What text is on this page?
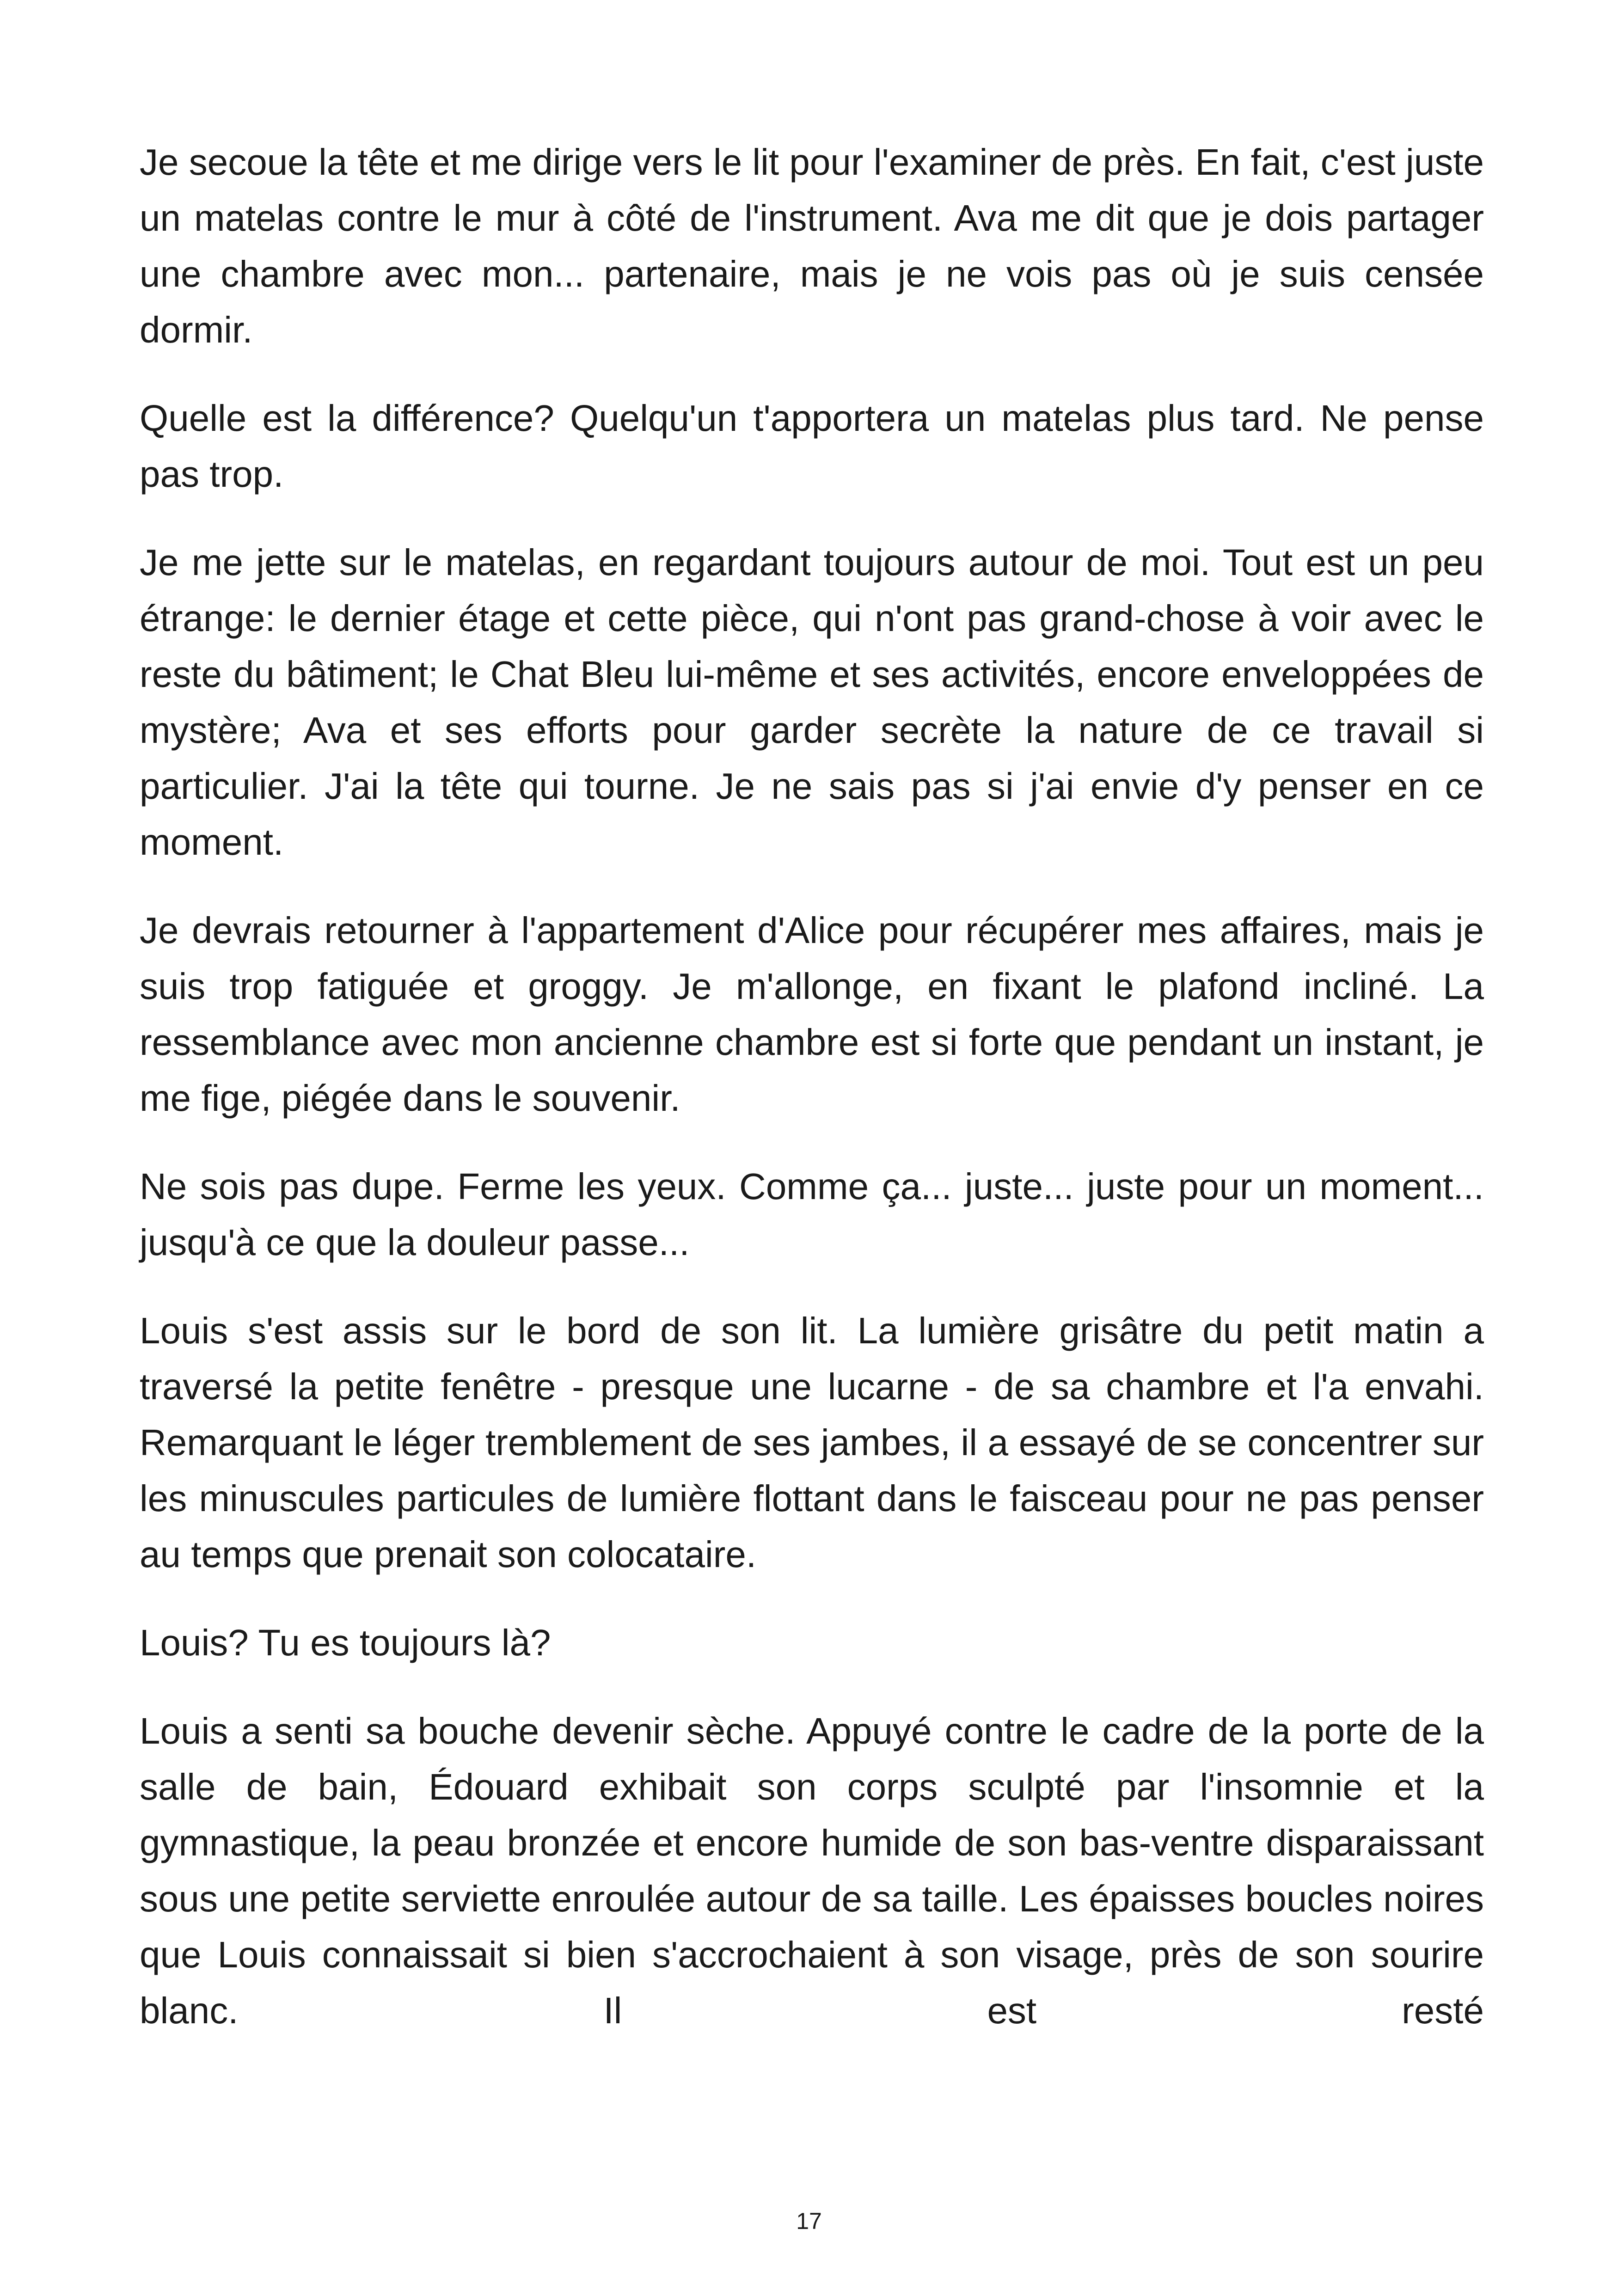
Je secoue la tête et me dirige vers le lit pour l'examiner de près. En fait, c'est juste un matelas contre le mur à côté de l'instrument. Ava me dit que je dois partager une chambre avec mon... partenaire, mais je ne vois pas où je suis censée dormir.

Quelle est la différence? Quelqu'un t'apportera un matelas plus tard. Ne pense pas trop.

Je me jette sur le matelas, en regardant toujours autour de moi. Tout est un peu étrange: le dernier étage et cette pièce, qui n'ont pas grand-chose à voir avec le reste du bâtiment; le Chat Bleu lui-même et ses activités, encore enveloppées de mystère; Ava et ses efforts pour garder secrète la nature de ce travail si particulier. J'ai la tête qui tourne. Je ne sais pas si j'ai envie d'y penser en ce moment.

Je devrais retourner à l'appartement d'Alice pour récupérer mes affaires, mais je suis trop fatiguée et groggy. Je m'allonge, en fixant le plafond incliné. La ressemblance avec mon ancienne chambre est si forte que pendant un instant, je me fige, piégée dans le souvenir.

Ne sois pas dupe. Ferme les yeux. Comme ça... juste... juste pour un moment... jusqu'à ce que la douleur passe...

Louis s'est assis sur le bord de son lit. La lumière grisâtre du petit matin a traversé la petite fenêtre - presque une lucarne - de sa chambre et l'a envahi. Remarquant le léger tremblement de ses jambes, il a essayé de se concentrer sur les minuscules particules de lumière flottant dans le faisceau pour ne pas penser au temps que prenait son colocataire.

Louis? Tu es toujours là?

Louis a senti sa bouche devenir sèche. Appuyé contre le cadre de la porte de la salle de bain, Édouard exhibait son corps sculpté par l'insomnie et la gymnastique, la peau bronzée et encore humide de son bas-ventre disparaissant sous une petite serviette enroulée autour de sa taille. Les épaisses boucles noires que Louis connaissait si bien s'accrochaient à son visage, près de son sourire blanc. Il est resté

17
